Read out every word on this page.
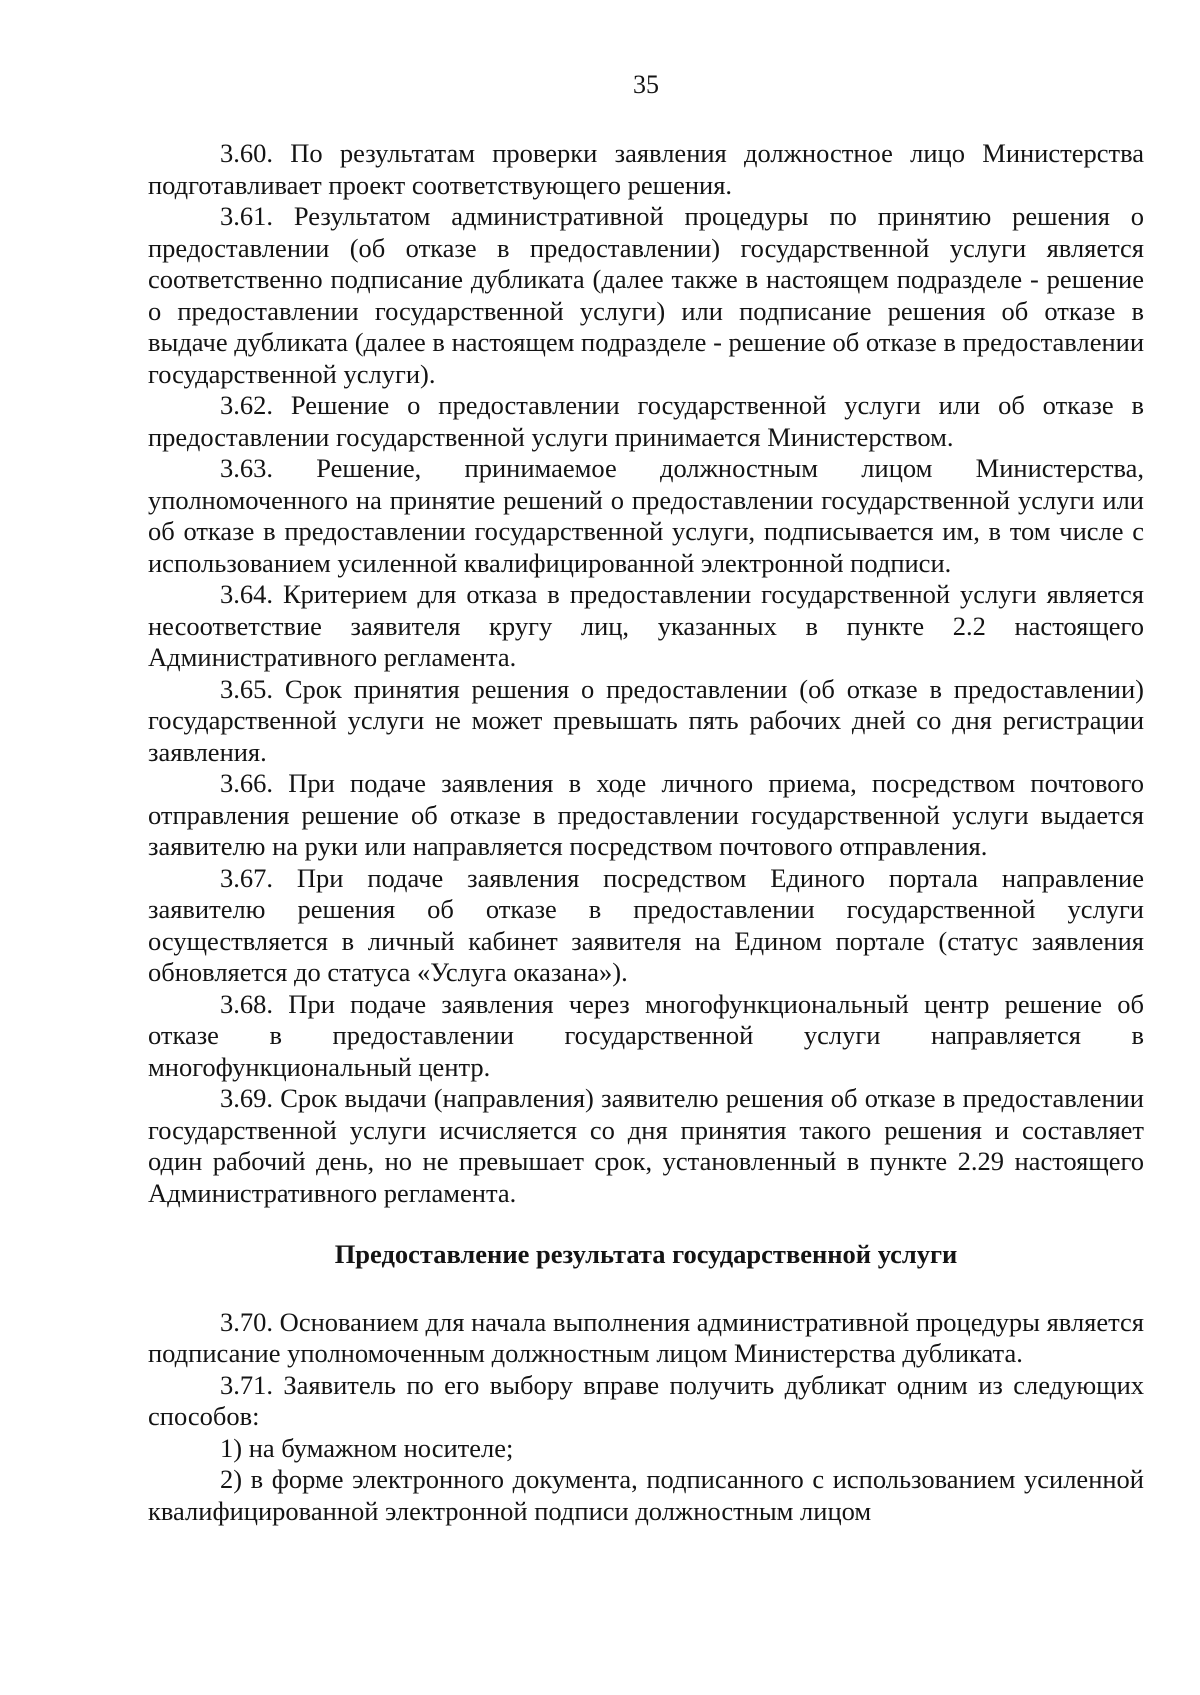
35

3.60. По результатам проверки заявления должностное лицо Министерства подготавливает проект соответствующего решения.

3.61. Результатом административной процедуры по принятию решения о предоставлении (об отказе в предоставлении) государственной услуги является соответственно подписание дубликата (далее также в настоящем подразделе - решение о предоставлении государственной услуги) или подписание решения об отказе в выдаче дубликата (далее в настоящем подразделе - решение об отказе в предоставлении государственной услуги).

3.62. Решение о предоставлении государственной услуги или об отказе в предоставлении государственной услуги принимается Министерством.

3.63. Решение, принимаемое должностным лицом Министерства, уполномоченного на принятие решений о предоставлении государственной услуги или об отказе в предоставлении государственной услуги, подписывается им, в том числе с использованием усиленной квалифицированной электронной подписи.

3.64. Критерием для отказа в предоставлении государственной услуги является несоответствие заявителя кругу лиц, указанных в пункте 2.2 настоящего Административного регламента.

3.65. Срок принятия решения о предоставлении (об отказе в предоставлении) государственной услуги не может превышать пять рабочих дней со дня регистрации заявления.

3.66. При подаче заявления в ходе личного приема, посредством почтового отправления решение об отказе в предоставлении государственной услуги выдается заявителю на руки или направляется посредством почтового отправления.

3.67. При подаче заявления посредством Единого портала направление заявителю решения об отказе в предоставлении государственной услуги осуществляется в личный кабинет заявителя на Едином портале (статус заявления обновляется до статуса «Услуга оказана»).

3.68. При подаче заявления через многофункциональный центр решение об отказе в предоставлении государственной услуги направляется в многофункциональный центр.

3.69. Срок выдачи (направления) заявителю решения об отказе в предоставлении государственной услуги исчисляется со дня принятия такого решения и составляет один рабочий день, но не превышает срок, установленный в пункте 2.29 настоящего Административного регламента.

Предоставление результата государственной услуги

3.70. Основанием для начала выполнения административной процедуры является подписание уполномоченным должностным лицом Министерства дубликата.

3.71. Заявитель по его выбору вправе получить дубликат одним из следующих способов:

1) на бумажном носителе;

2) в форме электронного документа, подписанного с использованием усиленной квалифицированной электронной подписи должностным лицом
